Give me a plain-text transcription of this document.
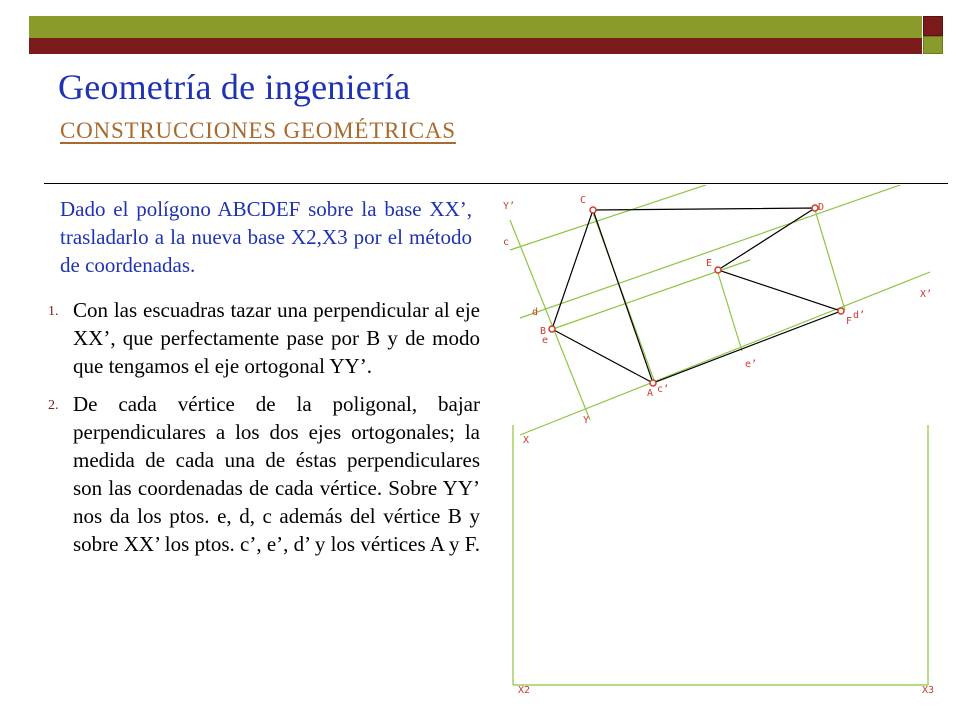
Geometría de ingeniería
CONSTRUCCIONES GEOMÉTRICAS
Dado el polígono ABCDEF sobre la base XX’, trasladarlo a la nueva base X2,X3 por el método de coordenadas.
1. Con las escuadras tazar una perpendicular al eje XX’, que perfectamente pase por B y de modo que tengamos el eje ortogonal YY’.
2. De cada vértice de la poligonal, bajar perpendiculares a los dos ejes ortogonales; la medida de cada una de éstas perpendiculares son las coordenadas de cada vértice. Sobre YY’ nos da los ptos. e, d, c además del vértice B y sobre XX’ los ptos. c’, e’, d’ y los vértices A y F.
Y’
c
C
D
E
X’
d
B
e
F
d’
e’
A c’
Y
X
X2	X3
